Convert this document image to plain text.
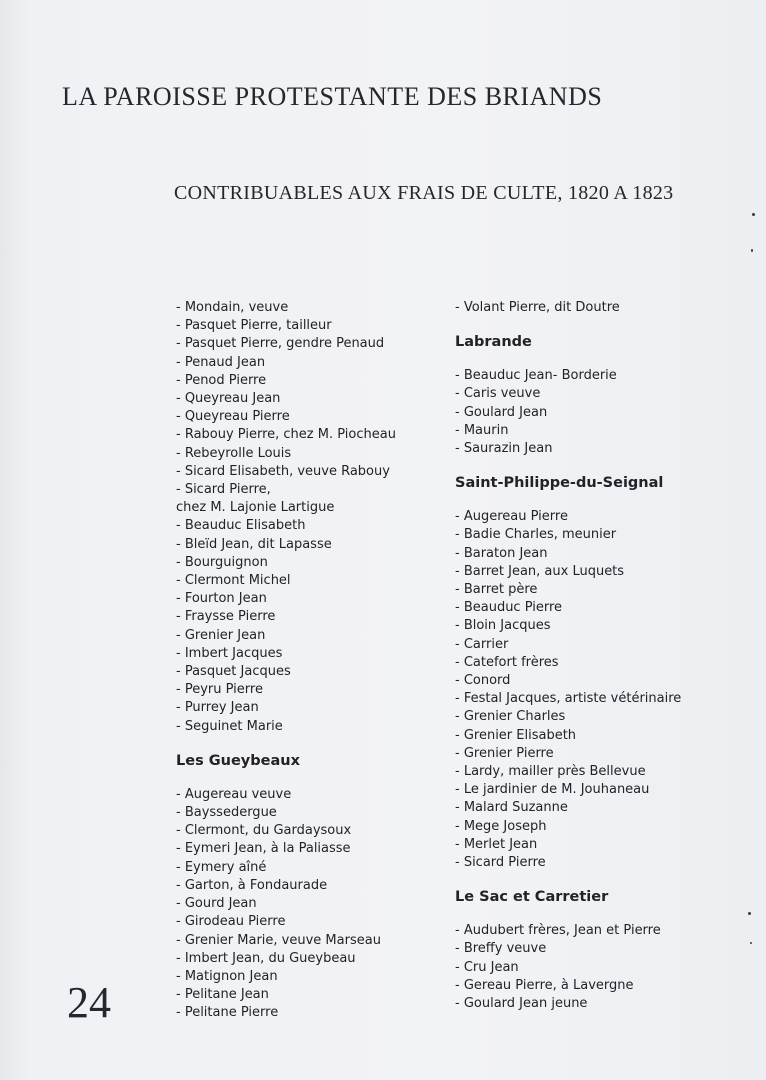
LA PAROISSE PROTESTANTE DES BRIANDS
CONTRIBUABLES AUX FRAIS DE CULTE, 1820 A 1823
- Mondain, veuve
- Pasquet Pierre, tailleur
- Pasquet Pierre, gendre Penaud
- Penaud Jean
- Penod Pierre
- Queyreau Jean
- Queyreau Pierre
- Rabouy Pierre, chez M. Piocheau
- Rebeyrolle Louis
- Sicard Elisabeth, veuve Rabouy
- Sicard Pierre,
chez M. Lajonie Lartigue
- Beauduc Elisabeth
- Bleïd Jean, dit Lapasse
- Bourguignon
- Clermont Michel
- Fourton Jean
- Fraysse Pierre
- Grenier Jean
- Imbert Jacques
- Pasquet Jacques
- Peyru Pierre
- Purrey Jean
- Seguinet Marie
Les Gueybeaux
- Augereau veuve
- Bayssedergue
- Clermont, du Gardaysoux
- Eymeri Jean, à la Paliasse
- Eymery aîné
- Garton, à Fondaurade
- Gourd Jean
- Girodeau Pierre
- Grenier Marie, veuve Marseau
- Imbert Jean, du Gueybeau
- Matignon Jean
- Pelitane Jean
- Pelitane Pierre
- Volant Pierre, dit Doutre
Labrande
- Beauduc Jean- Borderie
- Caris veuve
- Goulard Jean
- Maurin
- Saurazin Jean
Saint-Philippe-du-Seignal
- Augereau Pierre
- Badie Charles, meunier
- Baraton Jean
- Barret Jean, aux Luquets
- Barret père
- Beauduc Pierre
- Bloin Jacques
- Carrier
- Catefort frères
- Conord
- Festal Jacques, artiste vétérinaire
- Grenier Charles
- Grenier Elisabeth
- Grenier Pierre
- Lardy, mailler près Bellevue
- Le jardinier de M. Jouhaneau
- Malard Suzanne
- Mege Joseph
- Merlet Jean
- Sicard Pierre
Le Sac et Carretier
- Audubert frères, Jean et Pierre
- Breffy veuve
- Cru Jean
- Gereau Pierre, à Lavergne
- Goulard Jean jeune
24
